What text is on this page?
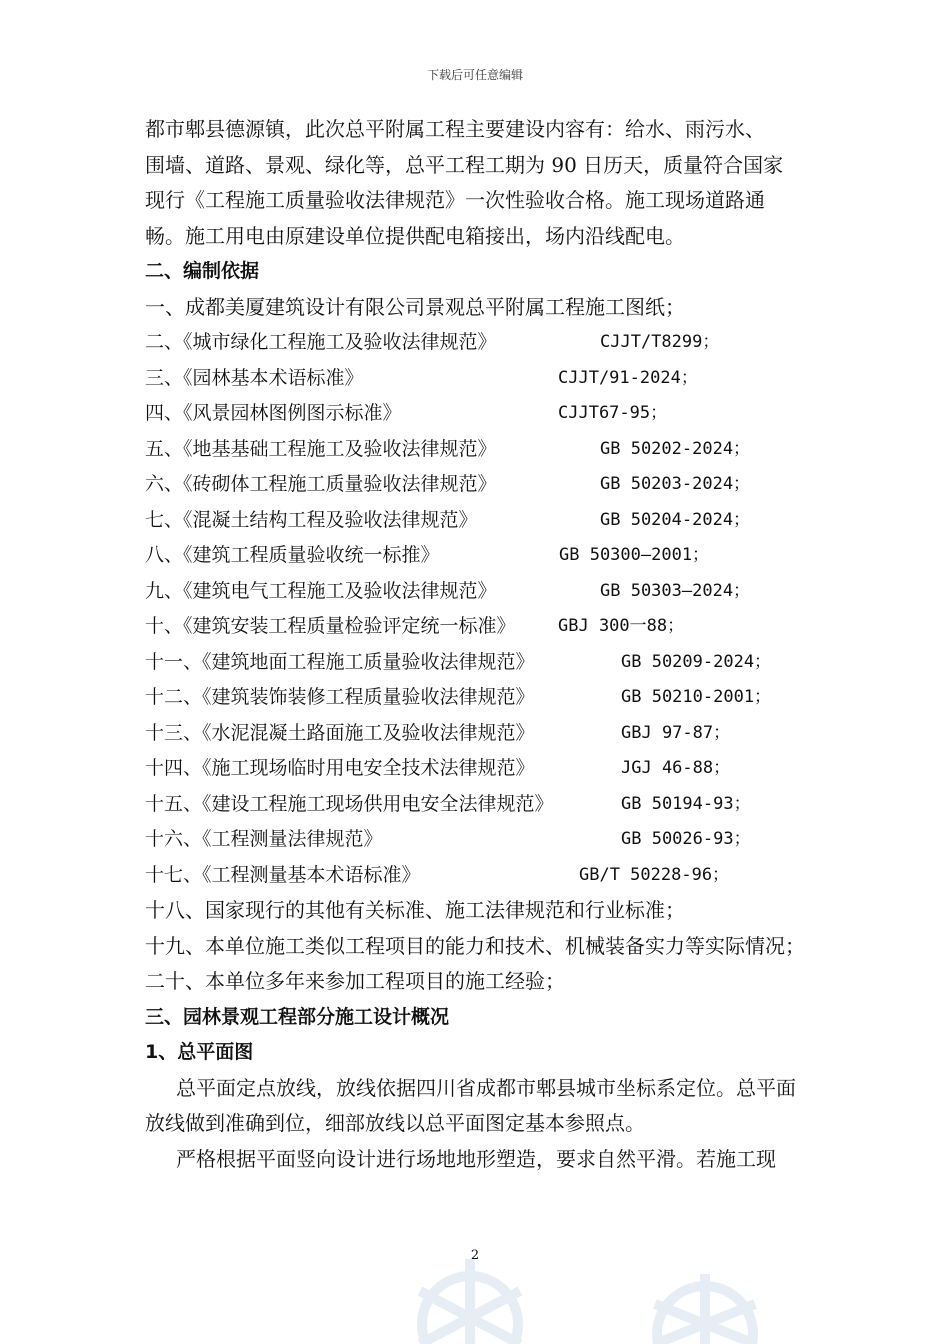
下载后可任意编辑

都市郫县德源镇，此次总平附属工程主要建设内容有：给水、雨污水、

围墙、道路、景观、绿化等，总平工程工期为 90 日历天，质量符合国家

现行《工程施工质量验收法律规范》一次性验收合格。施工现场道路通

畅。施工用电由原建设单位提供配电箱接出，场内沿线配电。

二、编制依据

一、成都美厦建筑设计有限公司景观总平附属工程施工图纸；

二、《城市绿化工程施工及验收法律规范》	CJJT/T8299；
三、《园林基本术语标准》	CJJT/91-2024；
四、《风景园林图例图示标准》	CJJT67-95；
五、《地基基础工程施工及验收法律规范》	GB 50202-2024；
六、《砖砌体工程施工质量验收法律规范》	GB 50203-2024；
七、《混凝土结构工程及验收法律规范》	GB 50204-2024；
八、《建筑工程质量验收统一标推》	GB 50300—2001；
九、《建筑电气工程施工及验收法律规范》	GB 50303—2024；
十、《建筑安装工程质量检验评定统一标准》	GBJ 300一88；
十一、《建筑地面工程施工质量验收法律规范》	GB 50209-2024；
十二、《建筑装饰装修工程质量验收法律规范》	GB 50210-2001；
十三、《水泥混凝土路面施工及验收法律规范》	GBJ 97-87；
十四、《施工现场临时用电安全技术法律规范》	JGJ 46-88；
十五、《建设工程施工现场供用电安全法律规范》	GB 50194-93；
十六、《工程测量法律规范》	GB 50026-93；
十七、《工程测量基本术语标准》	GB/T 50228-96；

十八、国家现行的其他有关标准、施工法律规范和行业标准；

十九、本单位施工类似工程项目的能力和技术、机械装备实力等实际情况；

二十、本单位多年来参加工程项目的施工经验；

三、园林景观工程部分施工设计概况

1、总平面图

总平面定点放线，放线依据四川省成都市郫县城市坐标系定位。总平面放线做到准确到位，细部放线以总平面图定基本参照点。

严格根据平面竖向设计进行场地地形塑造，要求自然平滑。若施工现

2
